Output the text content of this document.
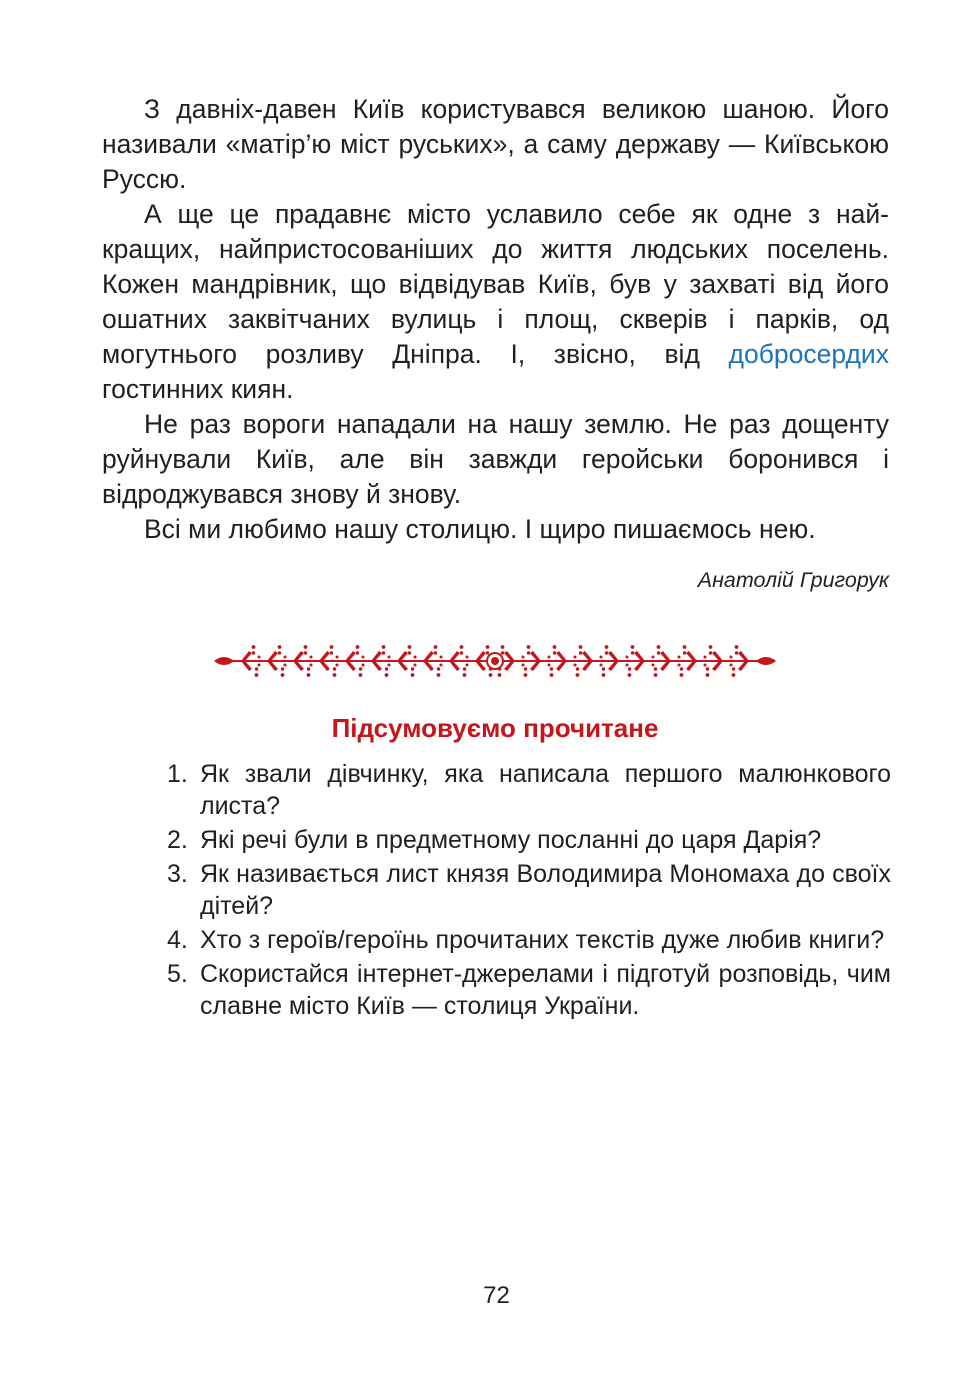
З давніх-давен Київ користувався великою шаною. Його називали «матір’ю міст руських», а саму державу — Київською Руссю.

А ще це прадавнє місто уславило себе як одне з найкращих, найпристосованіших до життя людських поселень. Кожен мандрівник, що відвідував Київ, був у захваті від його ошатних заквітчаних вулиць і площ, скверів і парків, од могутнього розливу Дніпра. І, звісно, від добросердих гостинних киян.

Не раз вороги нападали на нашу землю. Не раз дощенту руйнували Київ, але він завжди геройськи боронився і відроджувався знову й знову.

Всі ми любимо нашу столицю. І щиро пишаємось нею.

Анатолій Григорук
Підсумовуємо прочитане
1. Як звали дівчинку, яка написала першого малюнкового листа?
2. Які речі були в предметному посланні до царя Дарія?
3. Як називається лист князя Володимира Мономаха до своїх дітей?
4. Хто з героїв/героїнь прочитаних текстів дуже любив книги?
5. Скористайся інтернет-джерелами і підготуй розповідь, чим славне місто Київ — столиця України.
72
